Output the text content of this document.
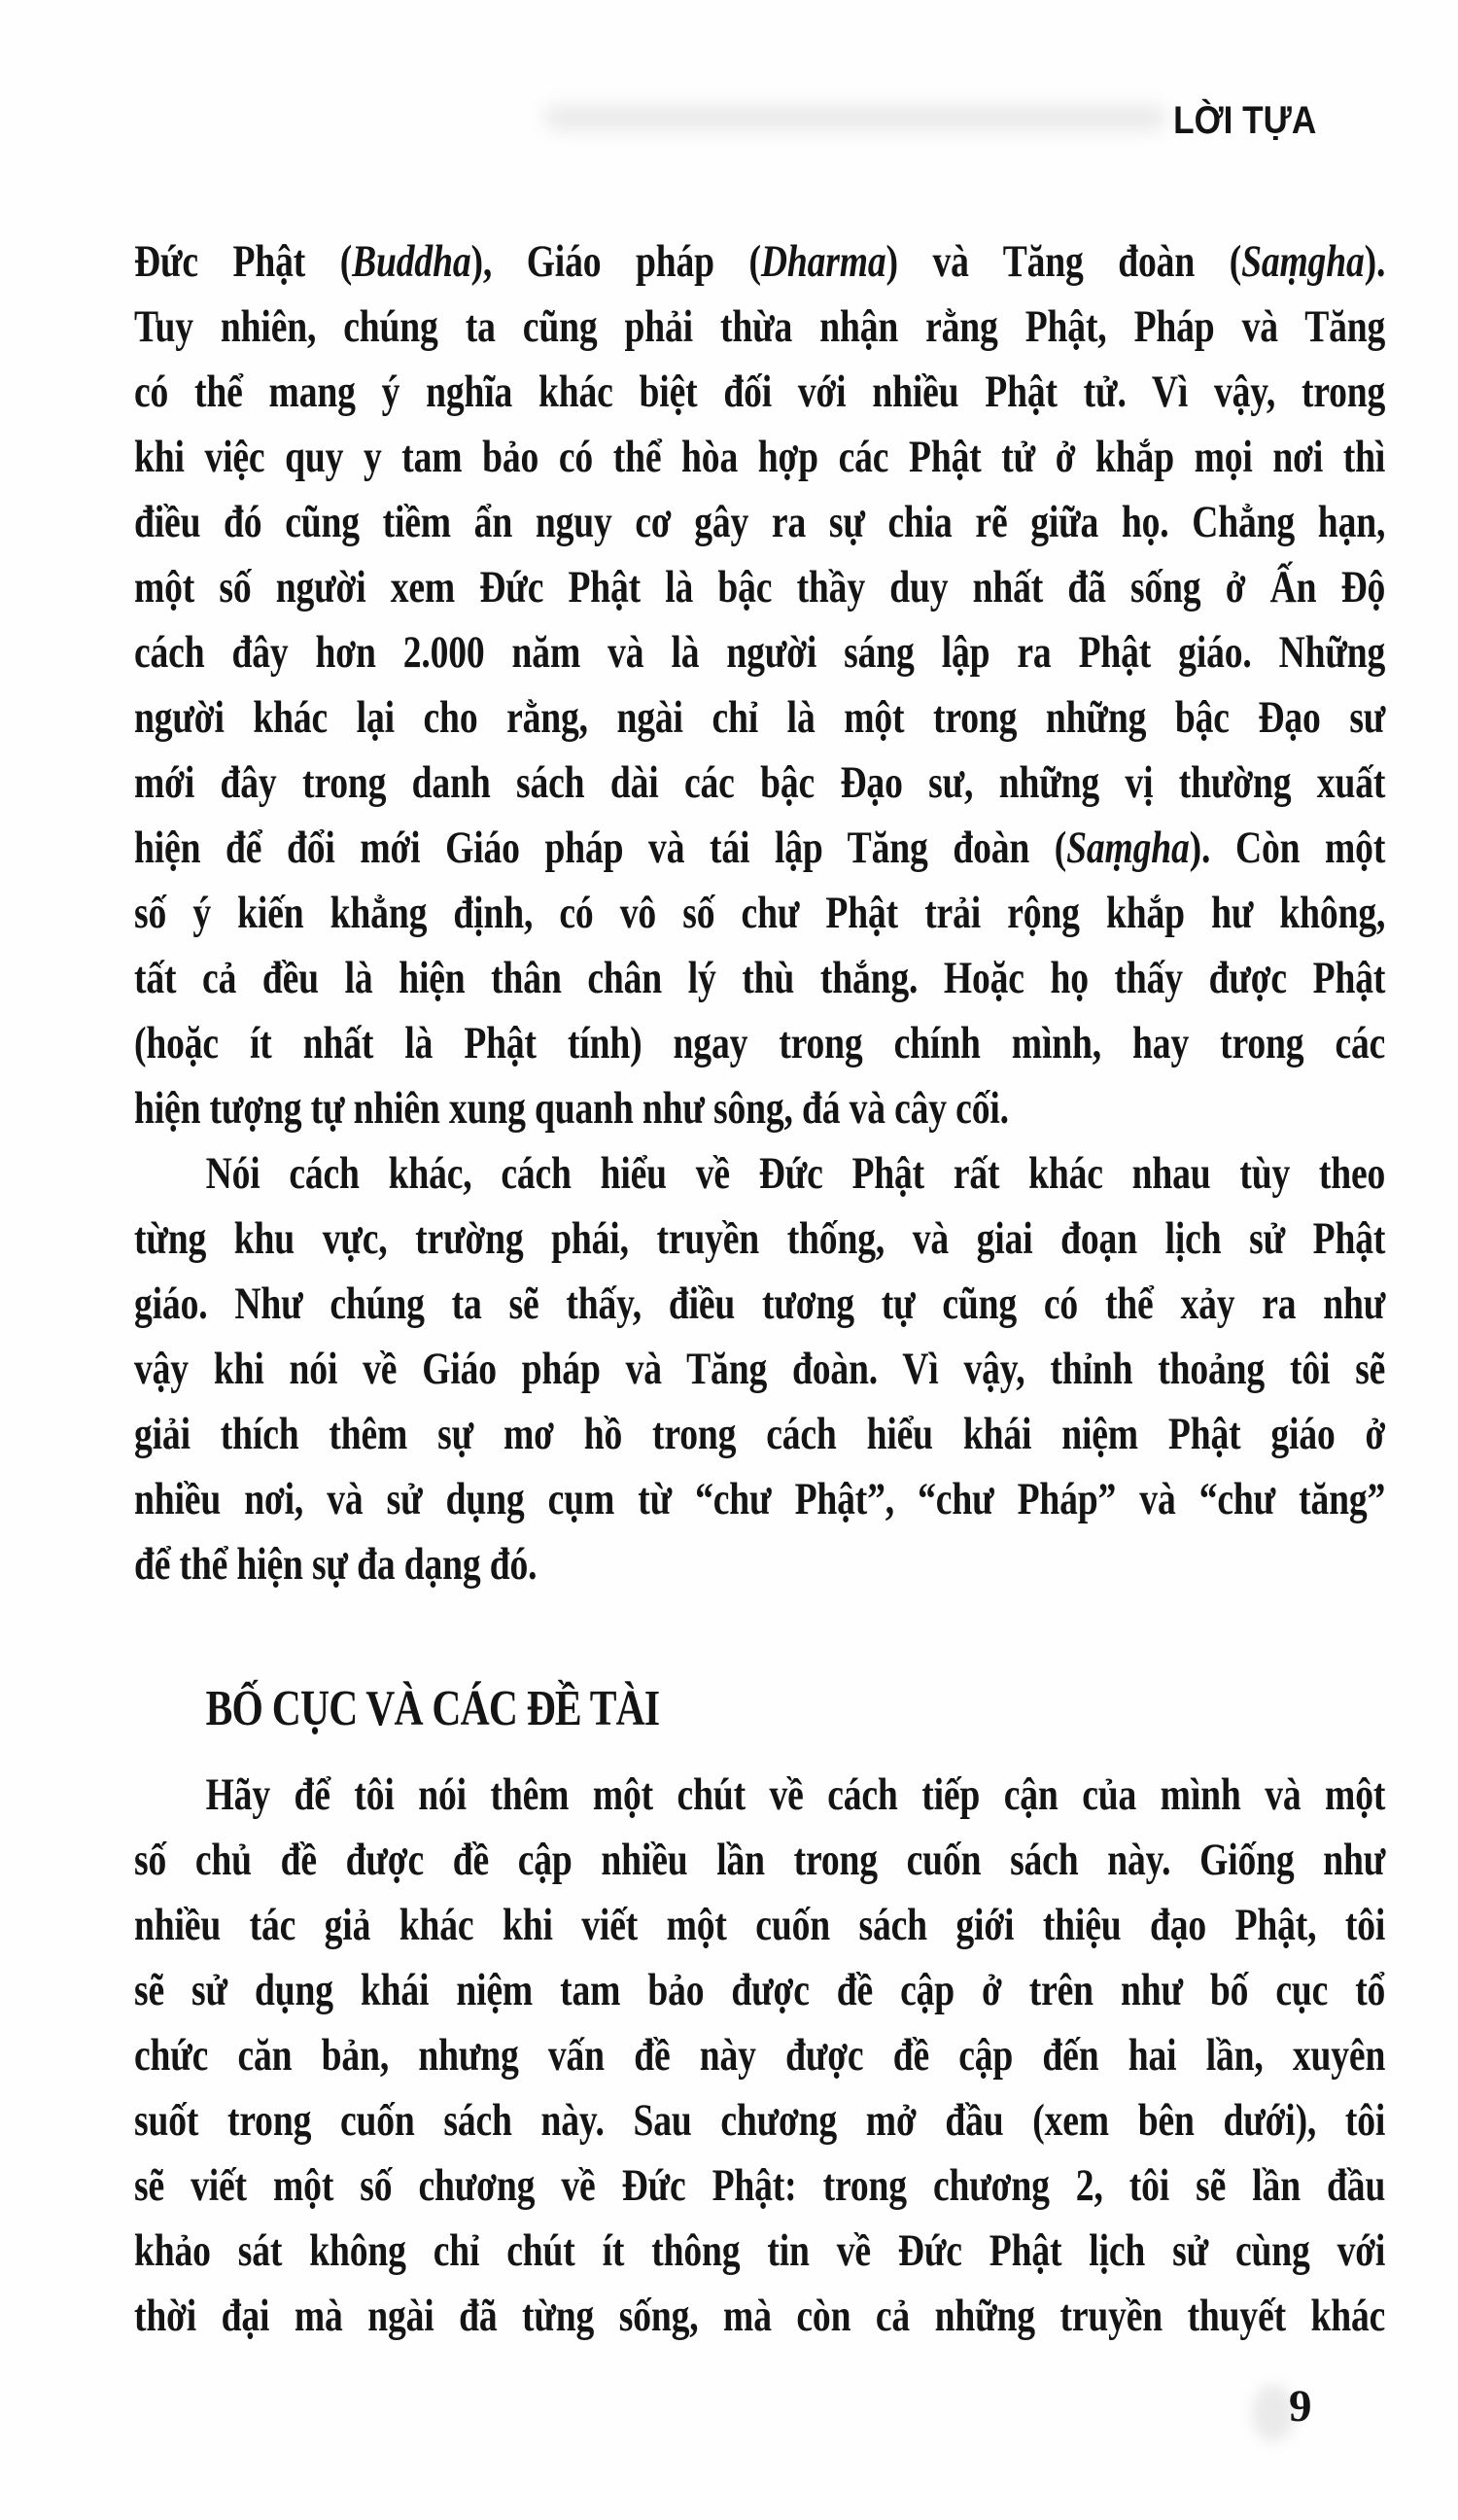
LỜI TỰA
Đức Phật (Buddha), Giáo pháp (Dharma) và Tăng đoàn (Saṃgha).
Tuy nhiên, chúng ta cũng phải thừa nhận rằng Phật, Pháp và Tăng
có thể mang ý nghĩa khác biệt đối với nhiều Phật tử. Vì vậy, trong
khi việc quy y tam bảo có thể hòa hợp các Phật tử ở khắp mọi nơi thì
điều đó cũng tiềm ẩn nguy cơ gây ra sự chia rẽ giữa họ. Chẳng hạn,
một số người xem Đức Phật là bậc thầy duy nhất đã sống ở Ấn Độ
cách đây hơn 2.000 năm và là người sáng lập ra Phật giáo. Những
người khác lại cho rằng, ngài chỉ là một trong những bậc Đạo sư
mới đây trong danh sách dài các bậc Đạo sư, những vị thường xuất
hiện để đổi mới Giáo pháp và tái lập Tăng đoàn (Saṃgha). Còn một
số ý kiến khẳng định, có vô số chư Phật trải rộng khắp hư không,
tất cả đều là hiện thân chân lý thù thắng. Hoặc họ thấy được Phật
(hoặc ít nhất là Phật tính) ngay trong chính mình, hay trong các
hiện tượng tự nhiên xung quanh như sông, đá và cây cối.
Nói cách khác, cách hiểu về Đức Phật rất khác nhau tùy theo
từng khu vực, trường phái, truyền thống, và giai đoạn lịch sử Phật
giáo. Như chúng ta sẽ thấy, điều tương tự cũng có thể xảy ra như
vậy khi nói về Giáo pháp và Tăng đoàn. Vì vậy, thỉnh thoảng tôi sẽ
giải thích thêm sự mơ hồ trong cách hiểu khái niệm Phật giáo ở
nhiều nơi, và sử dụng cụm từ “chư Phật”, “chư Pháp” và “chư tăng”
để thể hiện sự đa dạng đó.
BỐ CỤC VÀ CÁC ĐỀ TÀI
Hãy để tôi nói thêm một chút về cách tiếp cận của mình và một
số chủ đề được đề cập nhiều lần trong cuốn sách này. Giống như
nhiều tác giả khác khi viết một cuốn sách giới thiệu đạo Phật, tôi
sẽ sử dụng khái niệm tam bảo được đề cập ở trên như bố cục tổ
chức căn bản, nhưng vấn đề này được đề cập đến hai lần, xuyên
suốt trong cuốn sách này. Sau chương mở đầu (xem bên dưới), tôi
sẽ viết một số chương về Đức Phật: trong chương 2, tôi sẽ lần đầu
khảo sát không chỉ chút ít thông tin về Đức Phật lịch sử cùng với
thời đại mà ngài đã từng sống, mà còn cả những truyền thuyết khác
9
